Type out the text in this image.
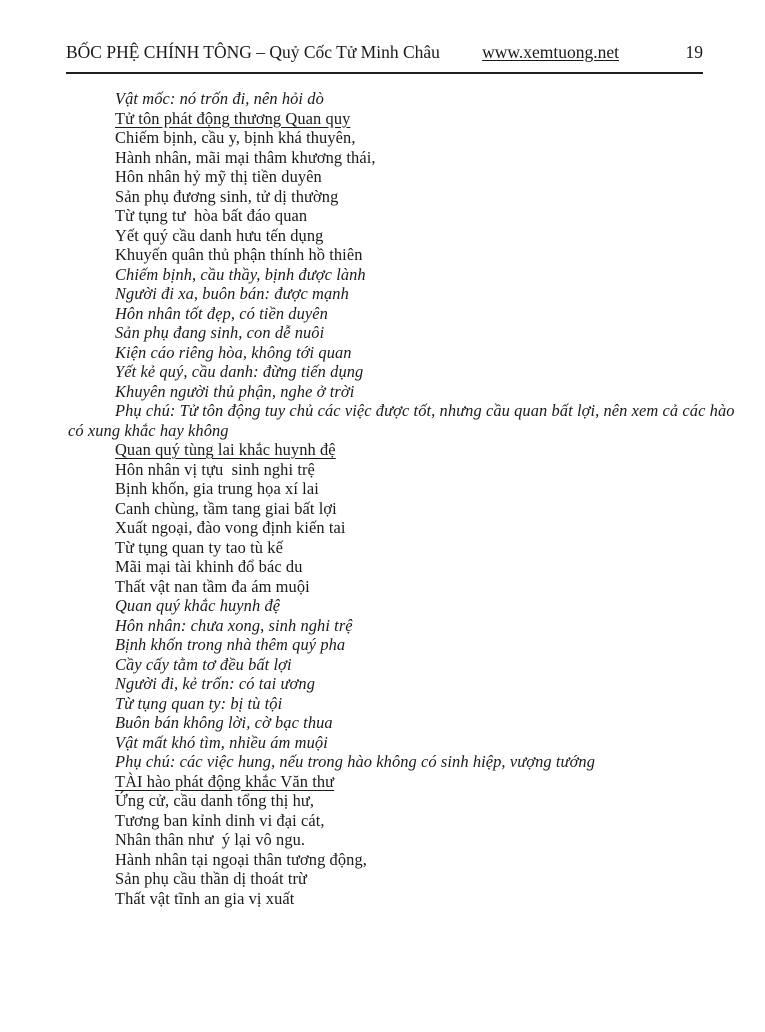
BỐC PHỆ CHÍNH TÔNG – Quỷ Cốc Tử Minh Châu	www.xemtuong.net	19
Vật mốc: nó trốn đi, nên hỏi dò
Tử tôn phát động thương Quan quy
Chiếm bịnh, cầu y, bịnh khá thuyên,
Hành nhân, mãi mại thâm khương thái,
Hôn nhân hỷ mỹ thị tiền duyên
Sản phụ đương sinh, tử dị thường
Từ tụng tư  hòa bất đáo quan
Yết quý cầu danh hưu tến dụng
Khuyến quân thủ phận thính hồ thiên
Chiếm bịnh, cầu thầy, bịnh được lành
Người đi xa, buôn bán: được mạnh
Hôn nhân tốt đẹp, có tiền duyên
Sản phụ đang sinh, con dễ nuôi
Kiện cáo riêng hòa, không tới quan
Yết kẻ quý, cầu danh: đừng tiến dụng
Khuyên người thủ phận, nghe ở trời
Phụ chú: Tử tôn động tuy chủ các việc được tốt, nhưng cầu quan bất lợi, nên xem cả các hào
có xung khắc hay không
Quan quý tùng lai khắc huynh đệ
Hôn nhân vị tựu  sinh nghi trệ
Bịnh khốn, gia trung họa xí lai
Canh chùng, tầm tang giai bất lợi
Xuất ngoại, đào vong định kiến tai
Từ tụng quan ty tao tù kế
Mãi mại tài khinh đổ bác du
Thất vật nan tầm đa ám muội
Quan quý khắc huynh đệ
Hôn nhân: chưa xong, sinh nghi trệ
Bịnh khốn trong nhà thêm quý pha
Cầy cấy tằm tơ đều bất lợi
Người đi, kẻ trốn: có tai ương
Từ tụng quan ty: bị tù tội
Buôn bán không lời, cờ bạc thua
Vật mất khó tìm, nhiều ám muội
Phụ chú: các việc hung, nếu trong hào không có sinh hiệp, vượng tướng
TÀI hào phát động khắc Văn thư
Ứng cử, cầu danh tổng thị hư,
Tương ban kỉnh dinh vi đại cát,
Nhân thân như  ý lại vô ngu.
Hành nhân tại ngoại thân tương động,
Sản phụ cầu thần dị thoát trừ
Thất vật tĩnh an gia vị xuất
